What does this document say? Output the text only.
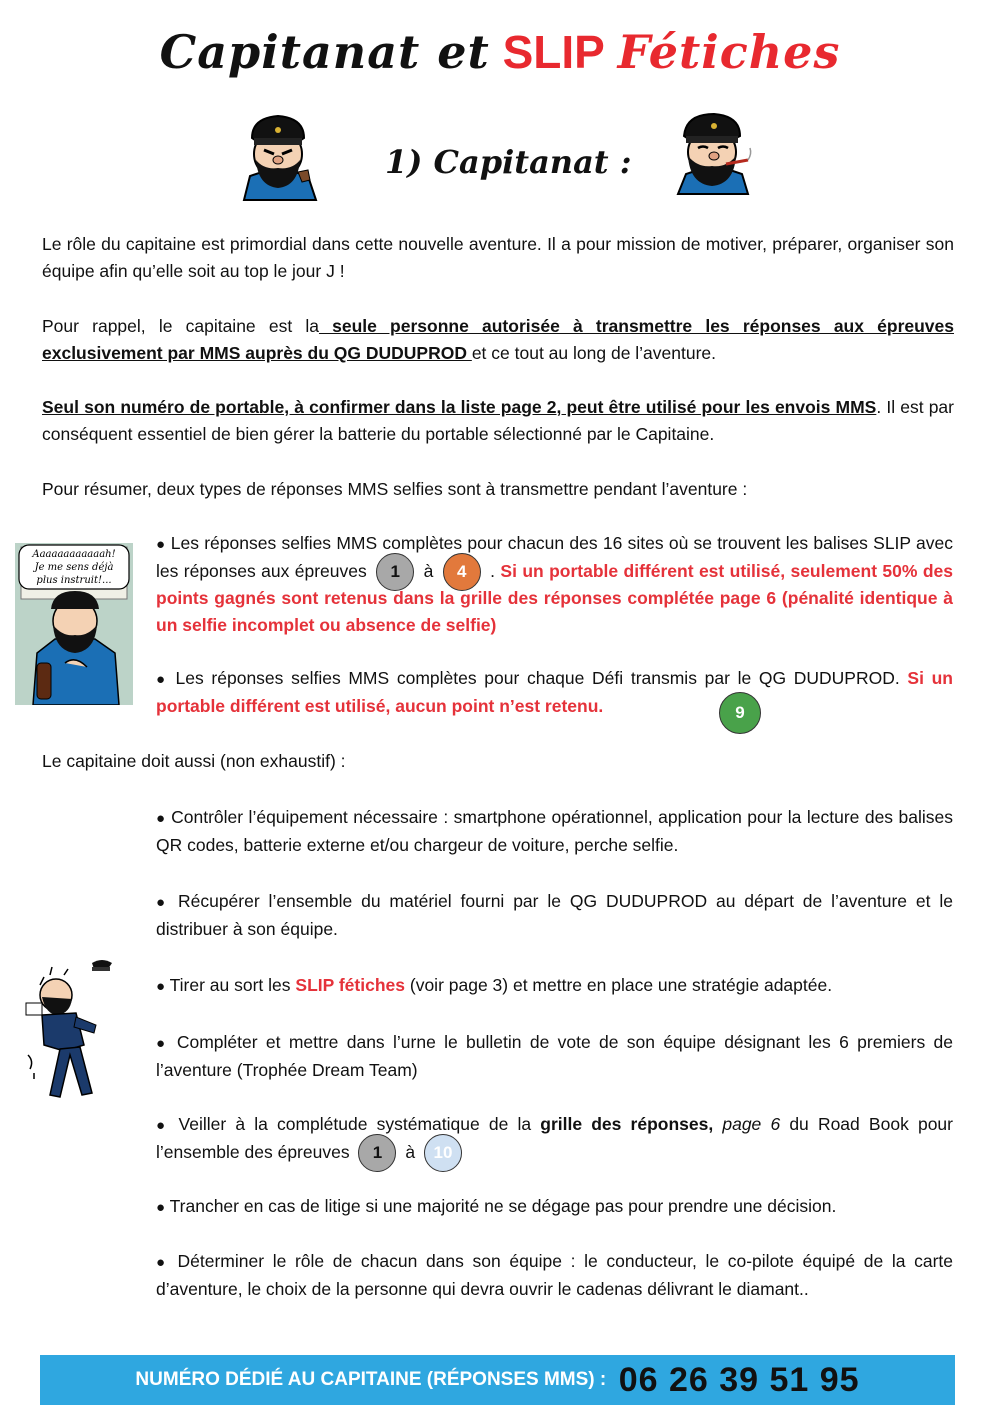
Capitanat et SLIP Fétiches
1) Capitanat :
Le rôle du capitaine est primordial dans cette nouvelle aventure. Il a pour mission de motiver, préparer, organiser son équipe afin qu’elle soit au top le jour J !
Pour rappel, le capitaine est la seule personne autorisée à transmettre les réponses aux épreuves exclusivement par MMS auprès du QG DUDUPROD et ce tout au long de l’aventure.
Seul son numéro de portable, à confirmer dans la liste page 2, peut être utilisé pour les envois MMS. Il est par conséquent essentiel de bien gérer la batterie du portable sélectionné par le Capitaine.
Pour résumer, deux types de réponses MMS selfies sont à transmettre pendant l’aventure :
Aaaaaaaaaaaah!
Je me sens déjà
plus instruit!...
● Les réponses selfies MMS complètes pour chacun des 16 sites où se trouvent les balises SLIP avec les réponses aux épreuves 1 à 4 . Si un portable différent est utilisé, seulement 50% des points gagnés sont retenus dans la grille des réponses complétée page 6 (pénalité identique à un selfie incomplet ou absence de selfie)
● Les réponses selfies MMS complètes pour chaque Défi transmis par le QG DUDUPROD. Si un portable différent est utilisé, aucun point n’est retenu.	9
Le capitaine doit aussi (non exhaustif) :
● Contrôler l’équipement nécessaire : smartphone opérationnel, application pour la lecture des balises QR codes, batterie externe et/ou chargeur de voiture, perche selfie.
● Récupérer l’ensemble du matériel fourni par le QG DUDUPROD au départ de l’aventure et le distribuer à son équipe.
● Tirer au sort les SLIP fétiches (voir page 3) et mettre en place une stratégie adaptée.
● Compléter et mettre dans l’urne le bulletin de vote de son équipe désignant les 6 premiers de l’aventure (Trophée Dream Team)
● Veiller à la complétude systématique de la grille des réponses, page 6 du Road Book pour l’ensemble des épreuves 1 à 10
● Trancher en cas de litige si une majorité ne se dégage pas pour prendre une décision.
● Déterminer le rôle de chacun dans son équipe : le conducteur, le co-pilote équipé de la carte d’aventure, le choix de la personne qui devra ouvrir le cadenas délivrant le diamant..
NUMÉRO DÉDIÉ AU CAPITAINE (RÉPONSES MMS) : 06 26 39 51 95
